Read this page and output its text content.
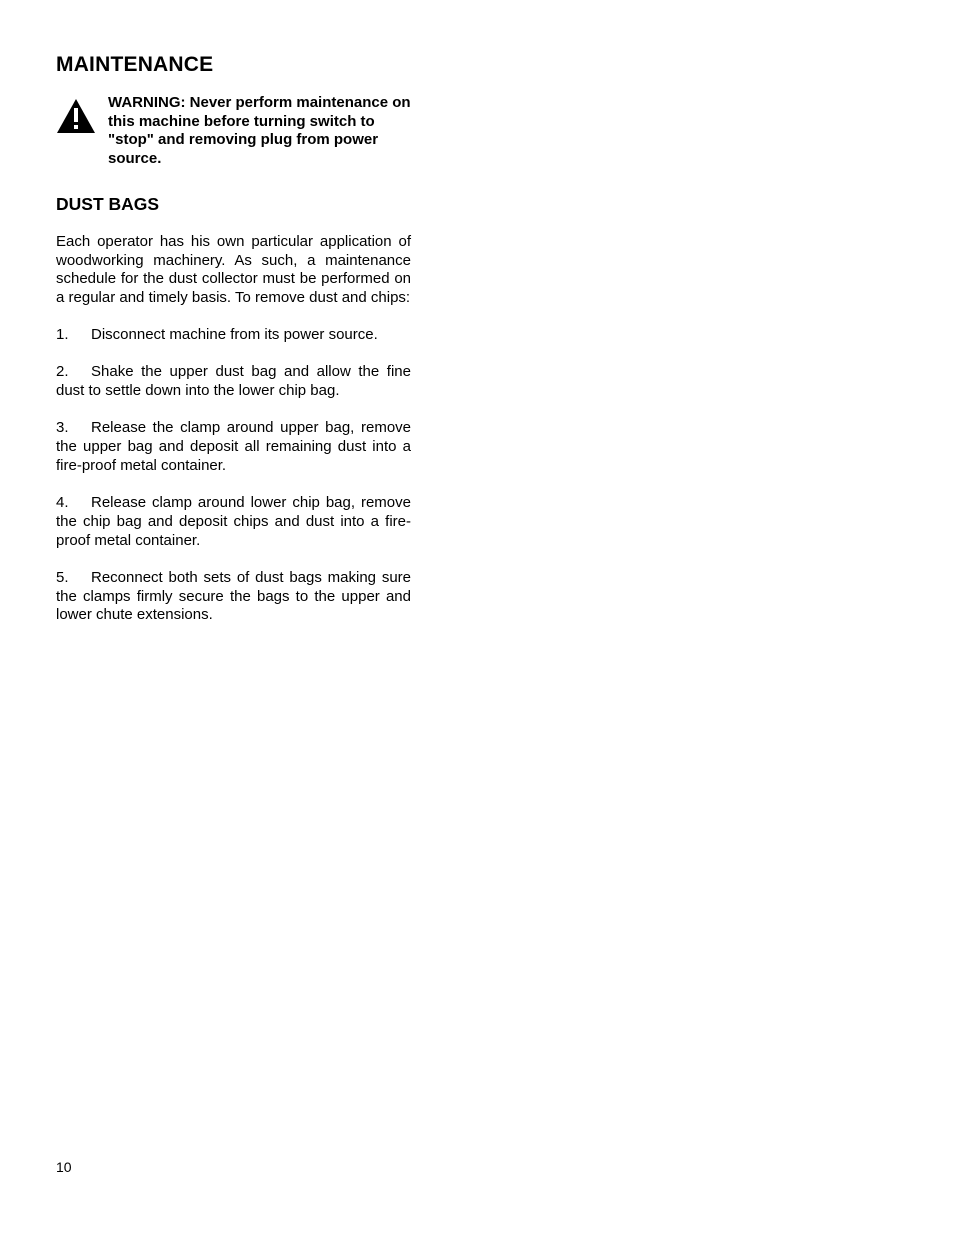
MAINTENANCE
WARNING: Never perform maintenance on this machine before turning switch to "stop" and removing plug from power source.
DUST BAGS

Each operator has his own particular application of woodworking machinery. As such, a maintenance schedule for the dust collector must be performed on a regular and timely basis. To remove dust and chips:

1. Disconnect machine from its power source.
2. Shake the upper dust bag and allow the fine dust to settle down into the lower chip bag.
3. Release the clamp around upper bag, remove the upper bag and deposit all remaining dust into a fire-proof metal container.
4. Release clamp around lower chip bag, remove the chip bag and deposit chips and dust into a fire-proof metal container.
5. Reconnect both sets of dust bags making sure the clamps firmly secure the bags to the upper and lower chute extensions.
10
